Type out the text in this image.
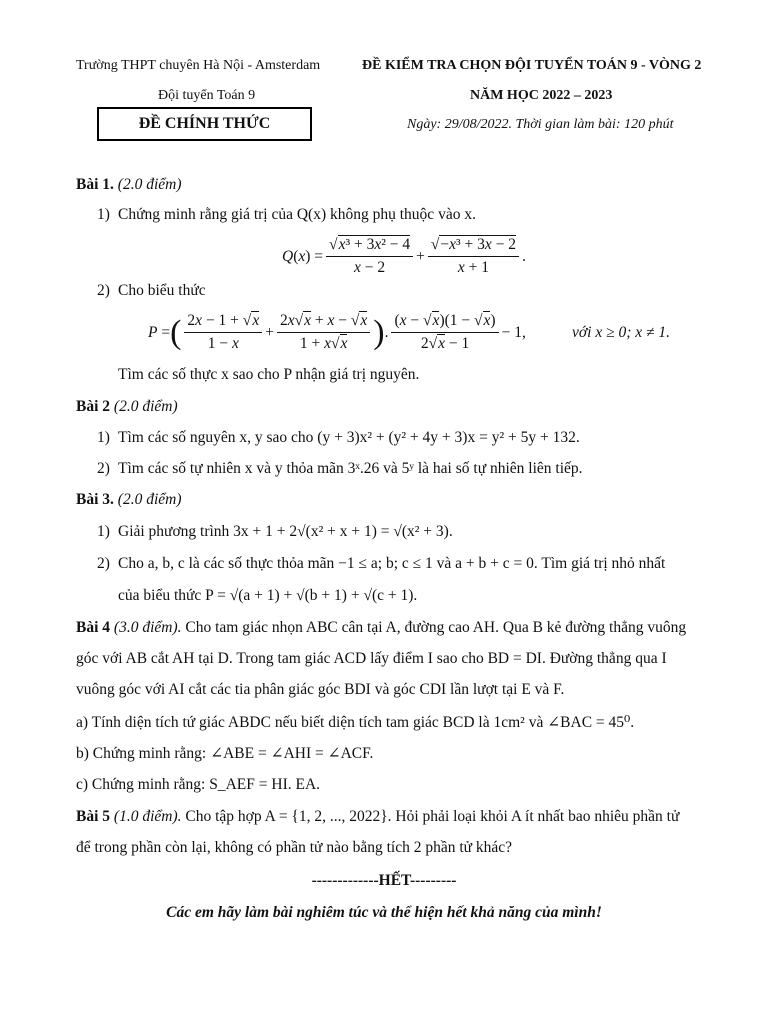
Trường THPT chuyên Hà Nội - Amsterdam
Đội tuyển Toán 9
ĐỀ CHÍNH THỨC
ĐỀ KIỂM TRA CHỌN ĐỘI TUYỂN TOÁN 9 - VÒNG 2
NĂM HỌC 2022 – 2023
Ngày: 29/08/2022. Thời gian làm bài: 120 phút
Bài 1. (2.0 điểm)
1) Chứng minh rằng giá trị của Q(x) không phụ thuộc vào x.
Q ( x ) = $\frac{\text{√x³ + 3x² − 4}}{x - 2} + \frac{\text{√−x³ + 3x − 2}}{x + 1}$ .
2) Cho biểu thức
P = ( $\frac{2x - 1 + √x}{1 - x} + \frac{2x√x + x - √x}{1 + x√x}$ ) . $\frac{(x - √x)(1 - √x)}{2√x - 1} - 1$,	với x ≥ 0; x ≠ 1.
Tìm các số thực x sao cho P nhận giá trị nguyên.
Bài 2 (2.0 điểm)
1) Tìm các số nguyên x, y sao cho (y + 3)x² + (y² + 4y + 3)x = y² + 5y + 132.
2) Tìm các số tự nhiên x và y thỏa mãn 3ˣ.26 và 5ʸ là hai số tự nhiên liên tiếp.
Bài 3. (2.0 điểm)
1) Giải phương trình 3x + 1 + 2√(x² + x + 1) = √(x² + 3).
2) Cho a, b, c là các số thực thỏa mãn −1 ≤ a; b; c ≤ 1 và a + b + c = 0. Tìm giá trị nhỏ nhất
của biểu thức P = √(a + 1) + √(b + 1) + √(c + 1).
Bài 4 (3.0 điểm). Cho tam giác nhọn ABC cân tại A, đường cao AH. Qua B kẻ đường thẳng vuông
góc với AB cắt AH tại D. Trong tam giác ACD lấy điểm I sao cho BD = DI. Đường thẳng qua I
vuông góc với AI cắt các tia phân giác góc BDI và góc CDI lần lượt tại E và F.
a) Tính diện tích tứ giác ABDC nếu biết diện tích tam giác BCD là 1cm² và ∠BAC = 45⁰.
b) Chứng minh rằng: ∠ABE = ∠AHI = ∠ACF.
c) Chứng minh rằng: S_AEF = HI. EA.
Bài 5 (1.0 điểm). Cho tập hợp A = {1, 2, ..., 2022}. Hỏi phải loại khỏi A ít nhất bao nhiêu phần tử
để trong phần còn lại, không có phần tử nào bằng tích 2 phần tử khác?
-------------HẾT---------
Các em hãy làm bài nghiêm túc và thể hiện hết khả năng của mình!
